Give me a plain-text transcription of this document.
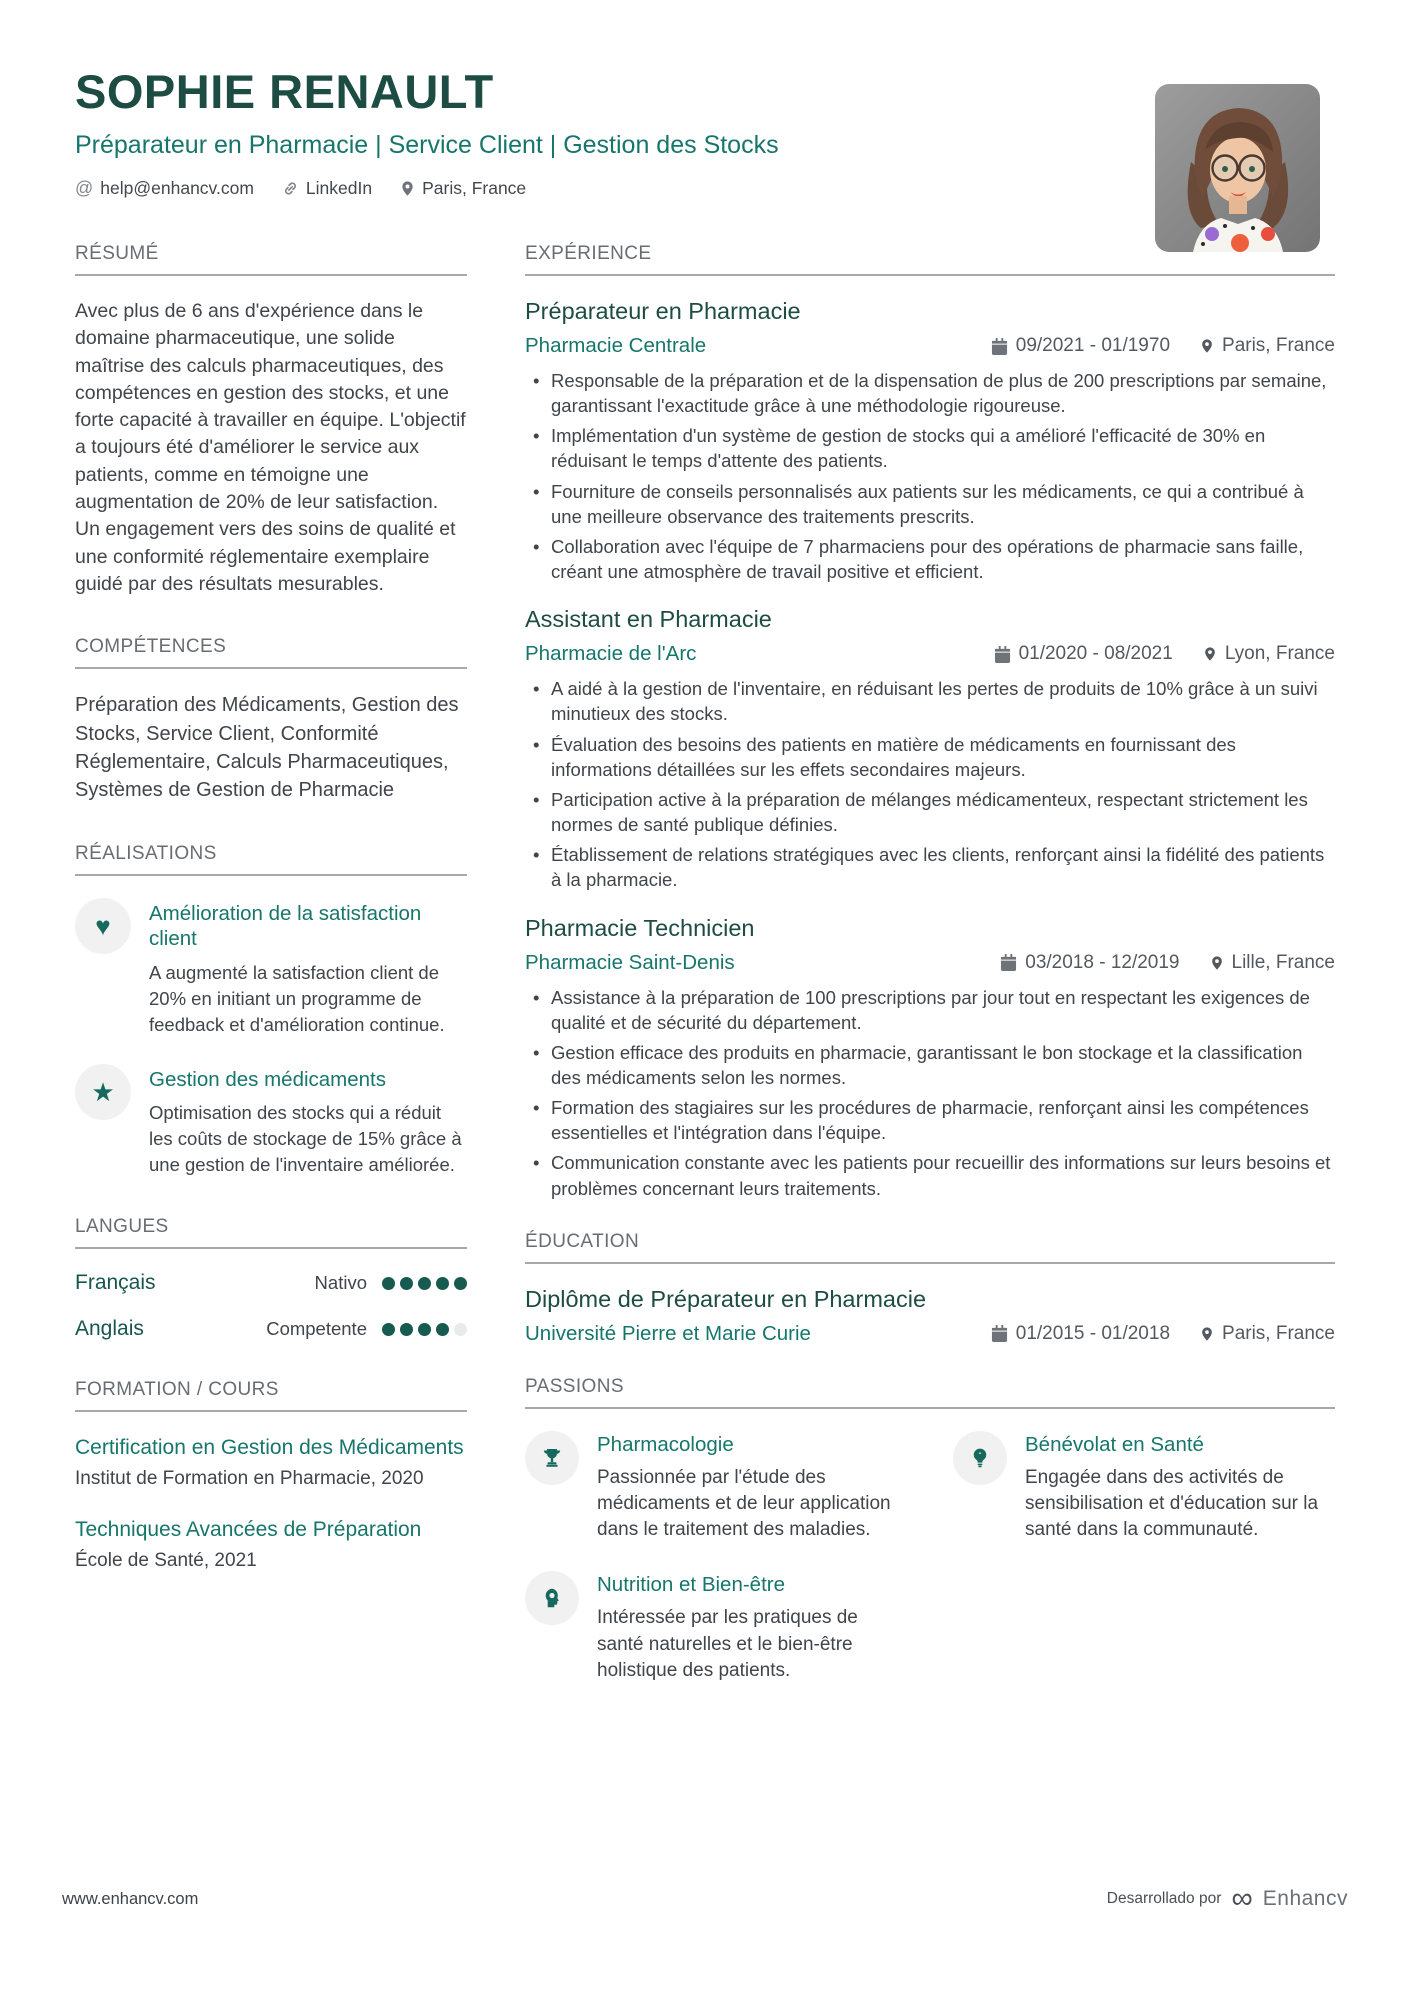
SOPHIE RENAULT
Préparateur en Pharmacie | Service Client | Gestion des Stocks
@ help@enhancv.com	LinkedIn	Paris, France
RÉSUMÉ

Avec plus de 6 ans d'expérience dans le domaine pharmaceutique, une solide maîtrise des calculs pharmaceutiques, des compétences en gestion des stocks, et une forte capacité à travailler en équipe. L'objectif a toujours été d'améliorer le service aux patients, comme en témoigne une augmentation de 20% de leur satisfaction. Un engagement vers des soins de qualité et une conformité réglementaire exemplaire guidé par des résultats mesurables.

COMPÉTENCES

Préparation des Médicaments, Gestion des Stocks, Service Client, Conformité Réglementaire, Calculs Pharmaceutiques, Systèmes de Gestion de Pharmacie

RÉALISATIONS
♥ Amélioration de la satisfaction client
A augmenté la satisfaction client de 20% en initiant un programme de feedback et d'amélioration continue.
★ Gestion des médicaments
Optimisation des stocks qui a réduit les coûts de stockage de 15% grâce à une gestion de l'inventaire améliorée.
LANGUES
Français	Nativo
Anglais	Competente
FORMATION / COURS
Certification en Gestion des Médicaments
Institut de Formation en Pharmacie, 2020
Techniques Avancées de Préparation
École de Santé, 2021
EXPÉRIENCE
Préparateur en Pharmacie
Pharmacie Centrale	09/2021 - 01/1970	Paris, France
• Responsable de la préparation et de la dispensation de plus de 200 prescriptions par semaine, garantissant l'exactitude grâce à une méthodologie rigoureuse.
• Implémentation d'un système de gestion de stocks qui a amélioré l'efficacité de 30% en réduisant le temps d'attente des patients.
• Fourniture de conseils personnalisés aux patients sur les médicaments, ce qui a contribué à une meilleure observance des traitements prescrits.
• Collaboration avec l'équipe de 7 pharmaciens pour des opérations de pharmacie sans faille, créant une atmosphère de travail positive et efficient.
Assistant en Pharmacie
Pharmacie de l'Arc	01/2020 - 08/2021	Lyon, France
• A aidé à la gestion de l'inventaire, en réduisant les pertes de produits de 10% grâce à un suivi minutieux des stocks.
• Évaluation des besoins des patients en matière de médicaments en fournissant des informations détaillées sur les effets secondaires majeurs.
• Participation active à la préparation de mélanges médicamenteux, respectant strictement les normes de santé publique définies.
• Établissement de relations stratégiques avec les clients, renforçant ainsi la fidélité des patients à la pharmacie.
Pharmacie Technicien
Pharmacie Saint-Denis	03/2018 - 12/2019	Lille, France
• Assistance à la préparation de 100 prescriptions par jour tout en respectant les exigences de qualité et de sécurité du département.
• Gestion efficace des produits en pharmacie, garantissant le bon stockage et la classification des médicaments selon les normes.
• Formation des stagiaires sur les procédures de pharmacie, renforçant ainsi les compétences essentielles et l'intégration dans l'équipe.
• Communication constante avec les patients pour recueillir des informations sur leurs besoins et problèmes concernant leurs traitements.
ÉDUCATION
Diplôme de Préparateur en Pharmacie
Université Pierre et Marie Curie	01/2015 - 01/2018	Paris, France
PASSIONS
Pharmacologie
Passionnée par l'étude des médicaments et de leur application dans le traitement des maladies.
Bénévolat en Santé
Engagée dans des activités de sensibilisation et d'éducation sur la santé dans la communauté.
Nutrition et Bien-être
Intéressée par les pratiques de santé naturelles et le bien-être holistique des patients.
www.enhancv.com	Desarrollado por ∞ Enhancv
